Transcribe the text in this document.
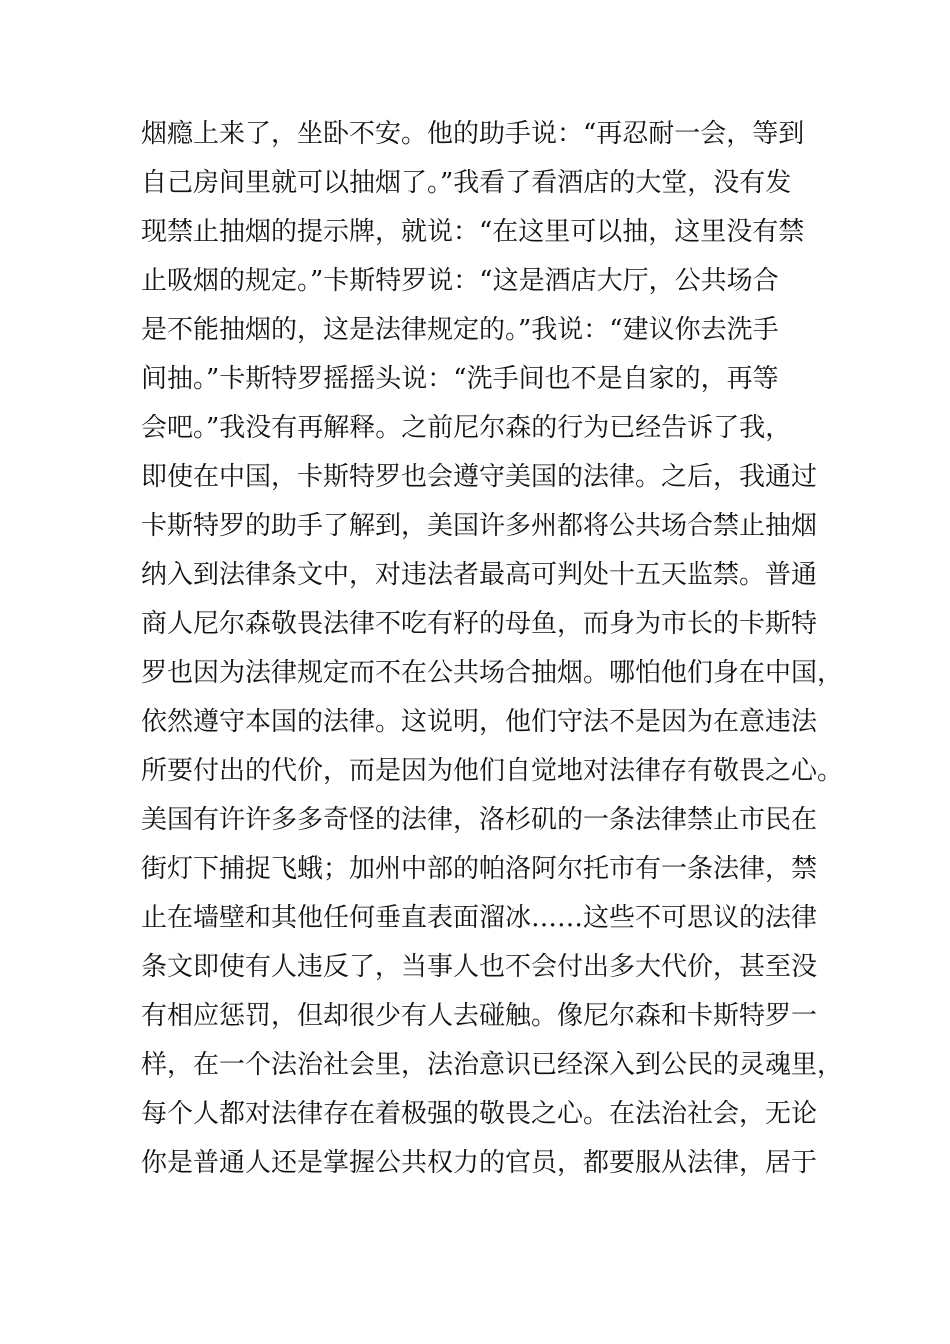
烟瘾上来了，坐卧不安。他的助手说：“再忍耐一会，等到
自己房间里就可以抽烟了。”我看了看酒店的大堂，没有发
现禁止抽烟的提示牌，就说：“在这里可以抽，这里没有禁
止吸烟的规定。”卡斯特罗说：“这是酒店大厅，公共场合
是不能抽烟的，这是法律规定的。”我说：“建议你去洗手
间抽。”卡斯特罗摇摇头说：“洗手间也不是自家的，再等
会吧。”我没有再解释。之前尼尔森的行为已经告诉了我，
即使在中国，卡斯特罗也会遵守美国的法律。之后，我通过
卡斯特罗的助手了解到，美国许多州都将公共场合禁止抽烟
纳入到法律条文中，对违法者最高可判处十五天监禁。普通
商人尼尔森敬畏法律不吃有籽的母鱼，而身为市长的卡斯特
罗也因为法律规定而不在公共场合抽烟。哪怕他们身在中国，
依然遵守本国的法律。这说明，他们守法不是因为在意违法
所要付出的代价，而是因为他们自觉地对法律存有敬畏之心。
美国有许许多多奇怪的法律，洛杉矶的一条法律禁止市民在
街灯下捕捉飞蛾；加州中部的帕洛阿尔托市有一条法律，禁
止在墙壁和其他任何垂直表面溜冰……这些不可思议的法律
条文即使有人违反了，当事人也不会付出多大代价，甚至没
有相应惩罚，但却很少有人去碰触。像尼尔森和卡斯特罗一
样，在一个法治社会里，法治意识已经深入到公民的灵魂里，
每个人都对法律存在着极强的敬畏之心。在法治社会，无论
你是普通人还是掌握公共权力的官员，都要服从法律，居于
